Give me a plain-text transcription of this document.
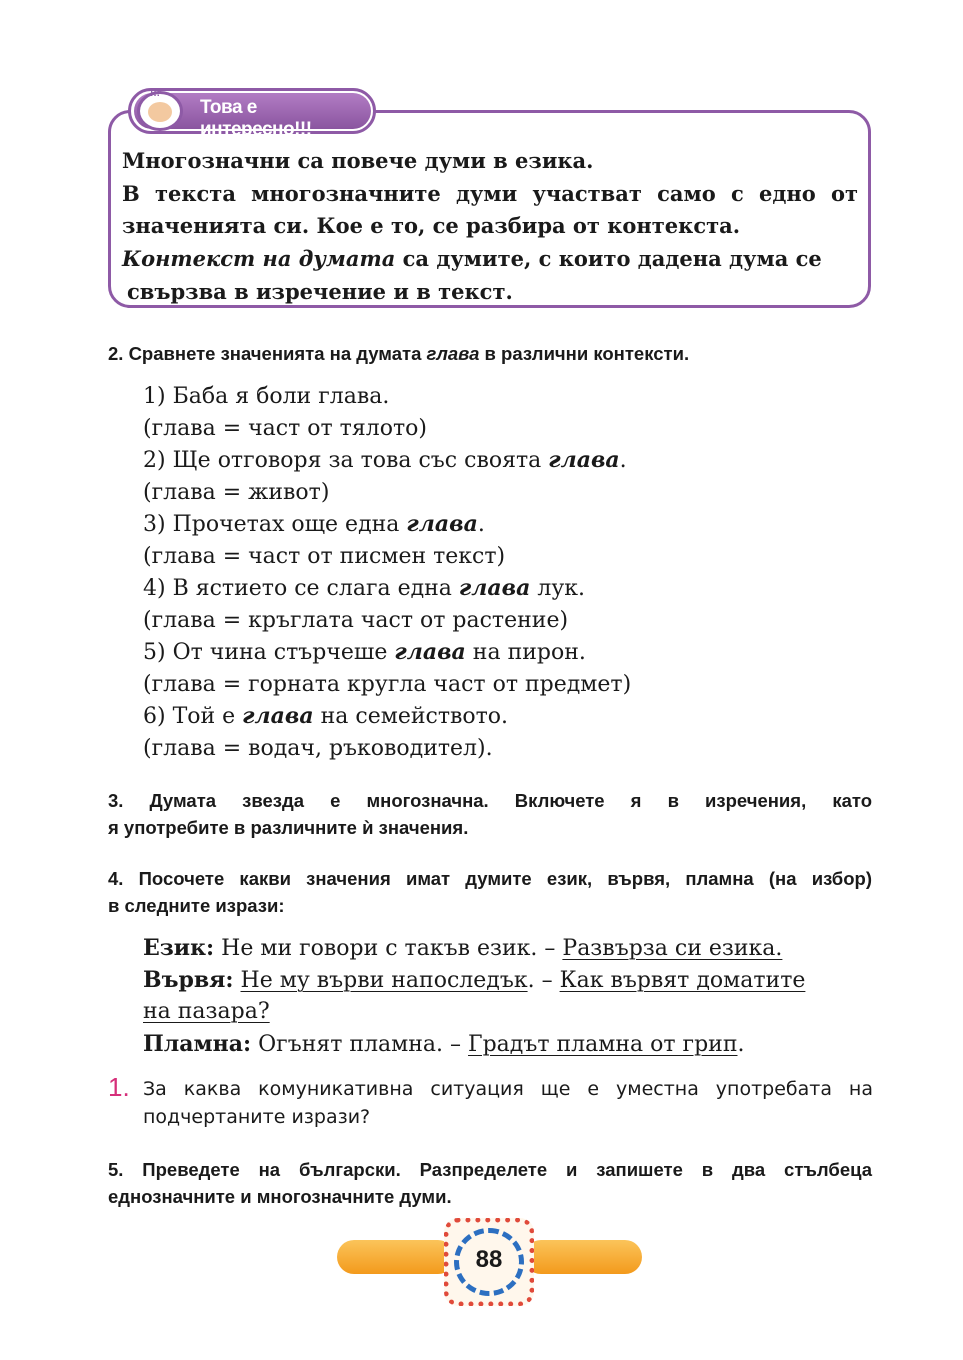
!!!
Това е интересно!!!
Многозначни са повече думи в езика.
В текста многозначните думи участват само с едно от
значенията си. Кое е то, се разбира от контекста.
Контекст на думата са думите, с които дадена дума се
свързва в изречение и в текст.
2. Сравнете значенията на думата глава в различни контексти.
1) Баба я боли глава.
(глава = част от тялото)
2) Ще отговоря за това със своята глава.
(глава = живот)
3) Прочетах още една глава.
(глава = част от писмен текст)
4) В ястието се слага една глава лук.
(глава = кръглата част от растение)
5) От чина стърчеше глава на пирон.
(глава = горната кругла част от предмет)
6) Той е глава на семейството.
(глава = водач, ръководител).
3. Думата звезда е многозначна. Включете я в изречения, като
я употребите в различните ѝ значения.
4. Посочете какви значения имат думите език, вървя, пламна (на избор)
в следните изрази:
Език: Не ми говори с такъв език. – Развърза си езика.
Вървя: Не му върви напоследък. – Как вървят доматите
на пазара?
Пламна: Огънят пламна. – Градът пламна от грип.
1. За каква комуникативна ситуация ще е уместна употребата на
подчертаните изрази?
5. Преведете на български. Разпределете и запишете в два стълбеца
еднозначните и многозначните думи.
88
